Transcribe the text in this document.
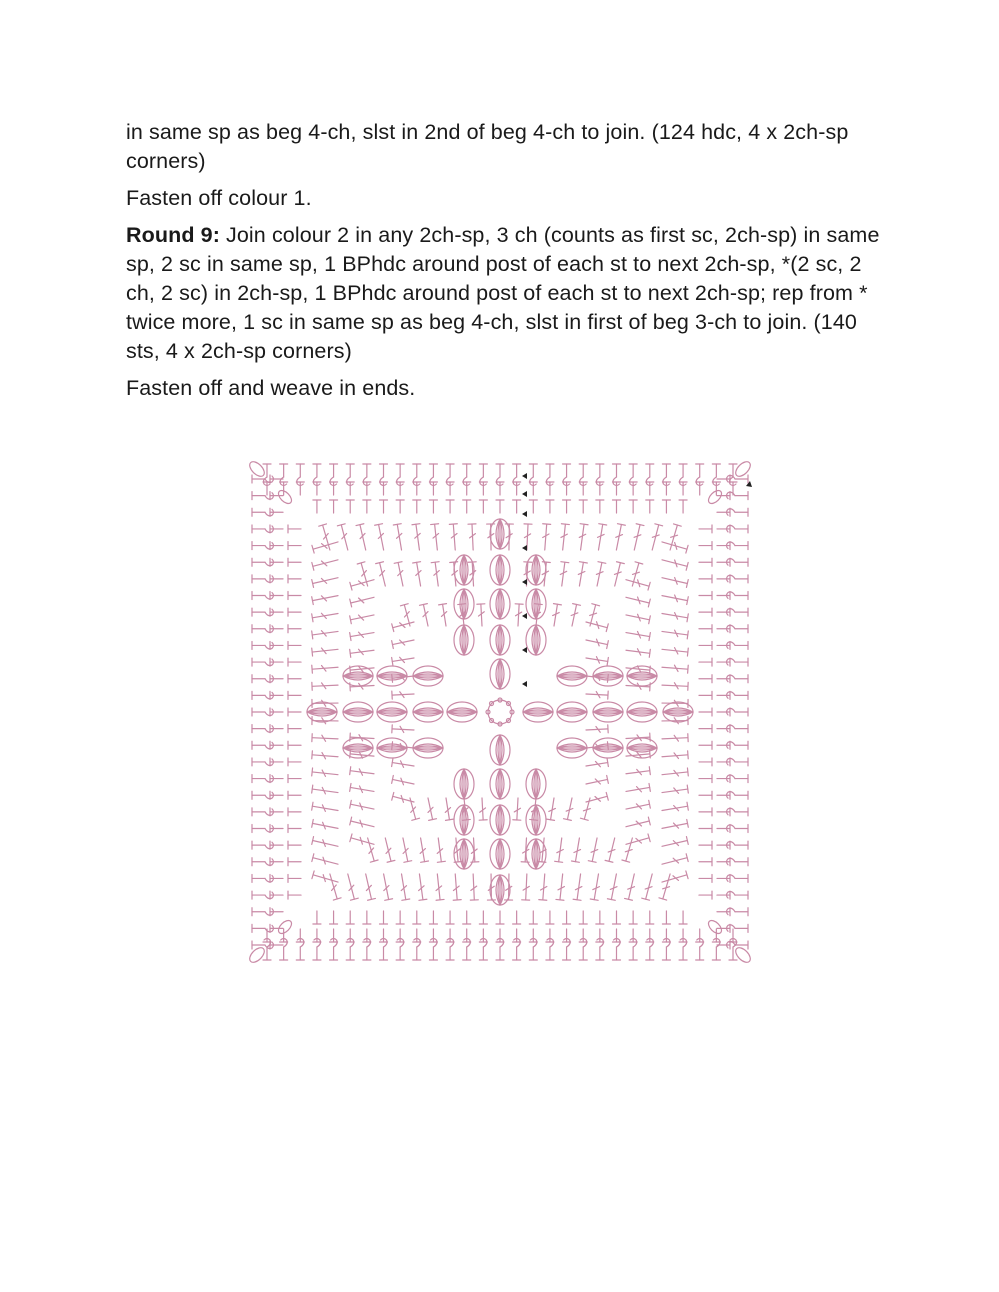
in same sp as beg 4-ch, slst in 2nd of beg 4-ch to join. (124 hdc, 4 x 2ch-sp corners)

Fasten off colour 1.

Round 9: Join colour 2 in any 2ch-sp, 3 ch (counts as first sc, 2ch-sp) in same sp, 2 sc in same sp, 1 BPhdc around post of each st to next 2ch-sp, *(2 sc, 2 ch, 2 sc) in 2ch-sp, 1 BPhdc around post of each st to next 2ch-sp; rep from * twice more, 1 sc in same sp as beg 4-ch, slst in first of beg 3-ch to join. (140 sts, 4 x 2ch-sp corners)

Fasten off and weave in ends.
